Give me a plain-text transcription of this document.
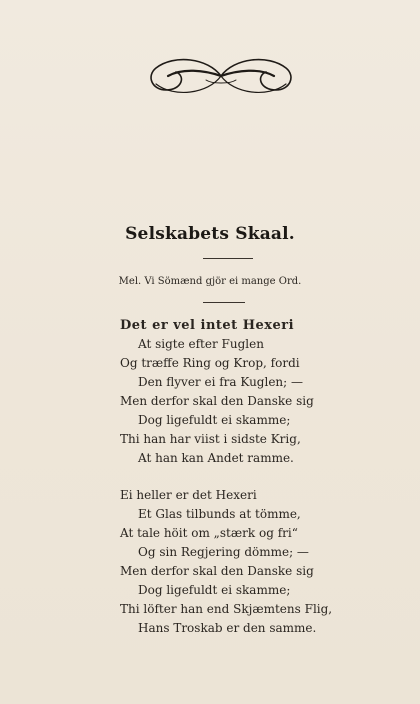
Selskabets Skaal.
Mel. Vi Sömænd gjör ei mange Ord.
Det er vel intet Hexeri
At sigte efter Fuglen
Og træffe Ring og Krop, fordi
Den flyver ei fra Kuglen; —
Men derfor skal den Danske sig
Dog ligefuldt ei skamme;
Thi han har viist i sidste Krig,
At han kan Andet ramme.
Ei heller er det Hexeri
Et Glas tilbunds at tömme,
At tale höit om „stærk og fri“
Og sin Regjering dömme; —
Men derfor skal den Danske sig
Dog ligefuldt ei skamme;
Thi löfter han end Skjæmtens Flig,
Hans Troskab er den samme.
